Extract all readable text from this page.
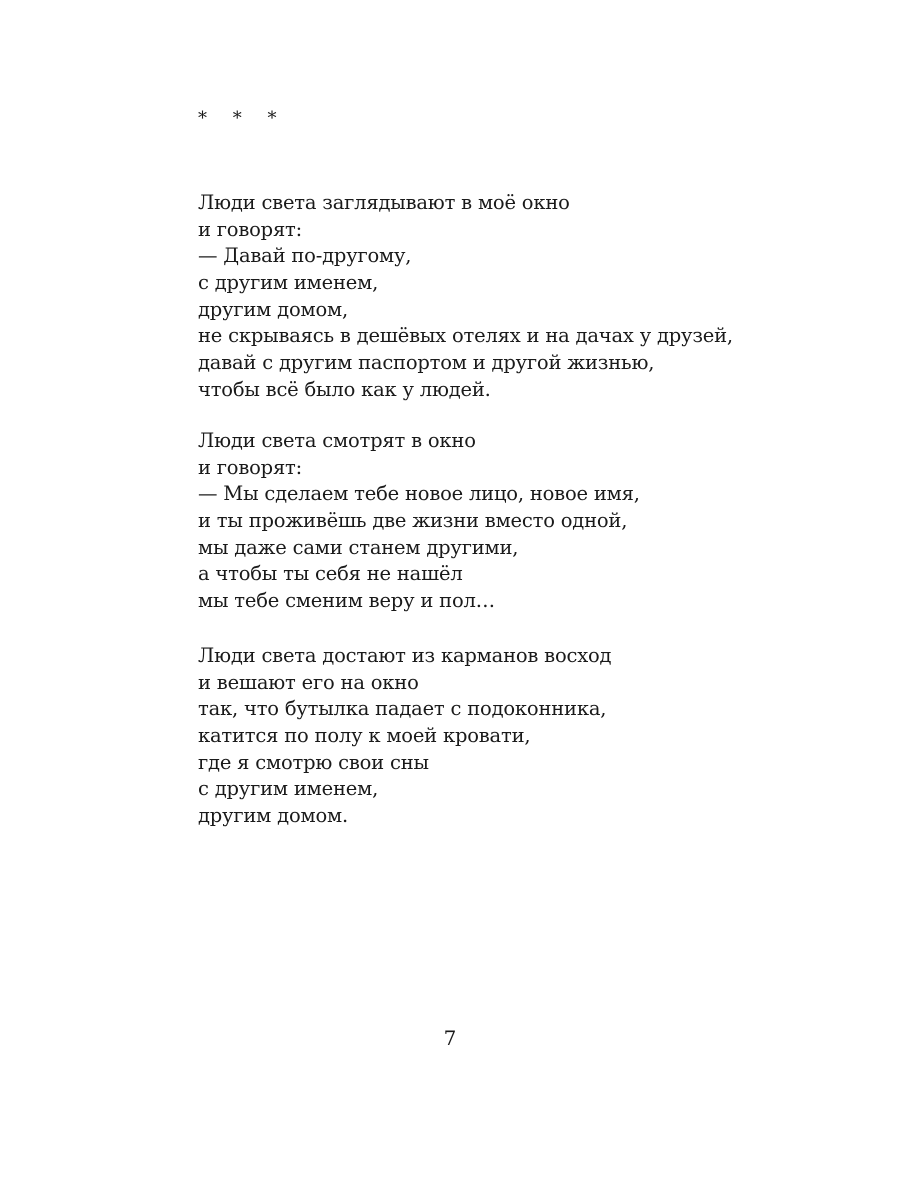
* * *
Люди света заглядывают в моё окно
и говорят:
— Давай по-другому,
с другим именем,
другим домом,
не скрываясь в дешёвых отелях и на дачах у друзей,
давай с другим паспортом и другой жизнью,
чтобы всё было как у людей.
Люди света смотрят в окно
и говорят:
— Мы сделаем тебе новое лицо, новое имя,
и ты проживёшь две жизни вместо одной,
мы даже сами станем другими,
а чтобы ты себя не нашёл
мы тебе сменим веру и пол…
Люди света достают из карманов восход
и вешают его на окно
так, что бутылка падает с подоконника,
катится по полу к моей кровати,
где я смотрю свои сны
с другим именем,
другим домом.
7
